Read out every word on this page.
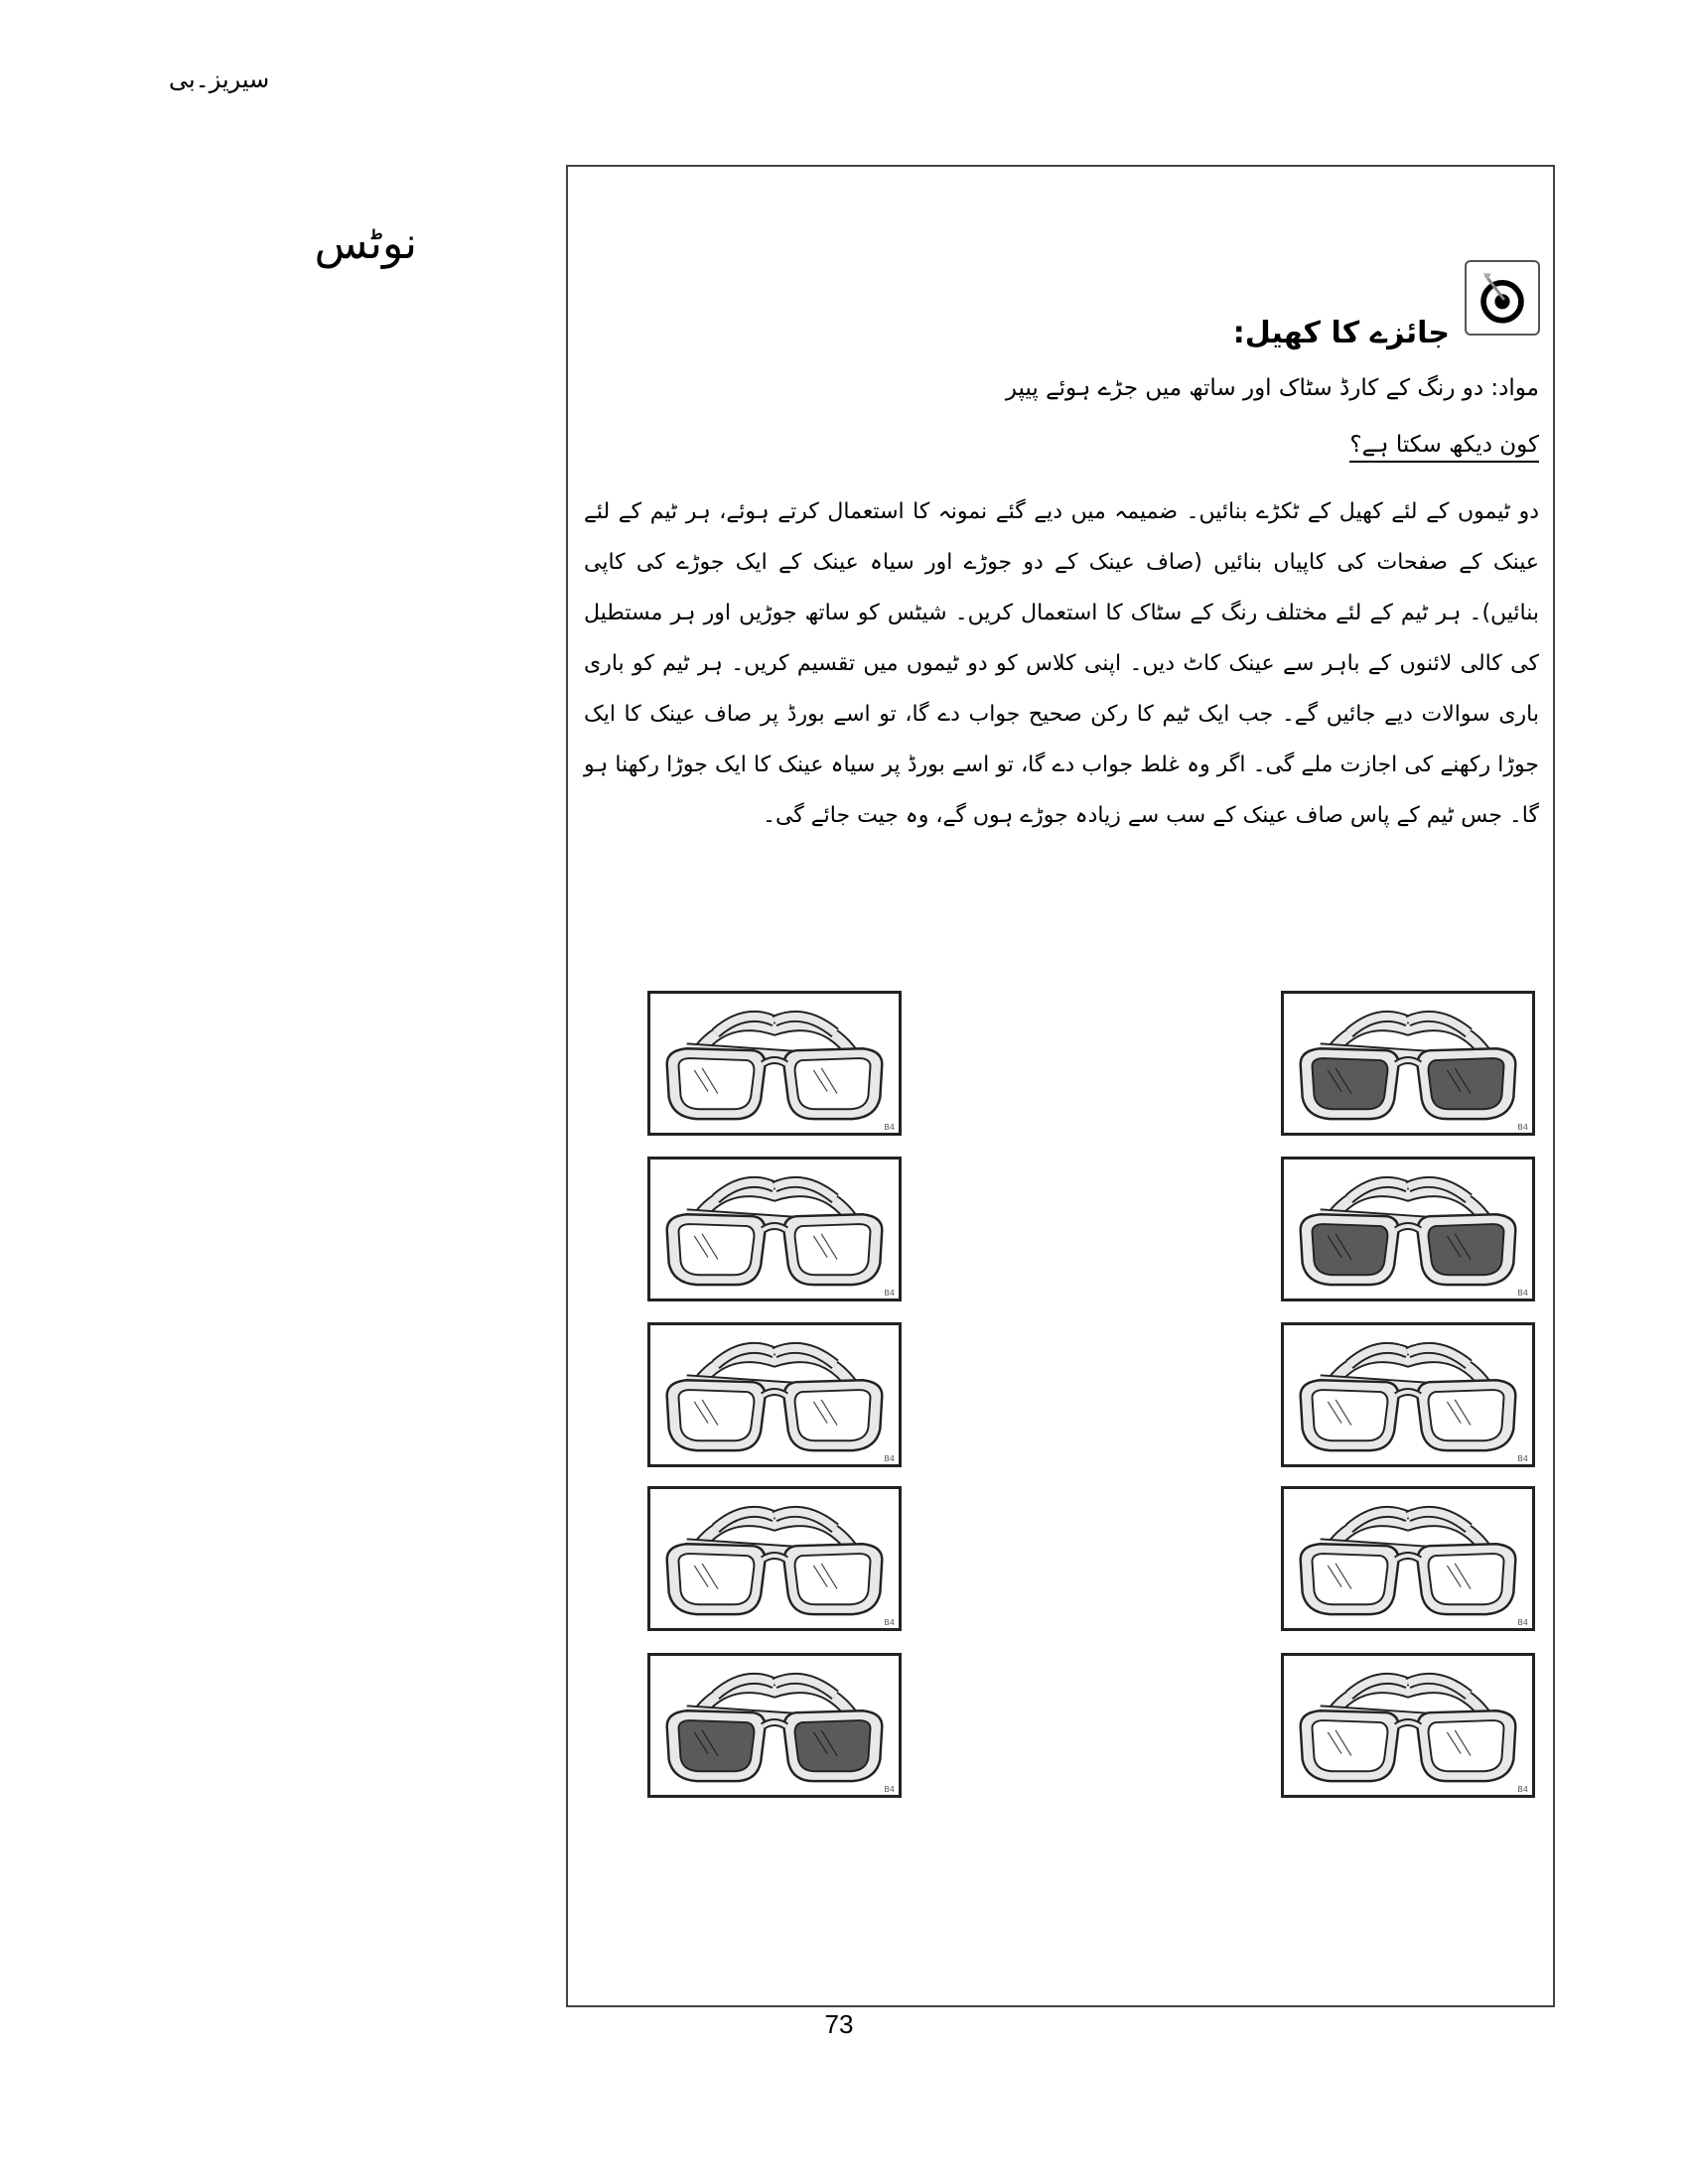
سیریز۔بی
نوٹس
جائزے کا کھیل:
مواد: دو رنگ کے کارڈ سٹاک اور ساتھ میں جڑے ہوئے پیپر
کون دیکھ سکتا ہے؟

دو ٹیموں کے لئے کھیل کے ٹکڑے بنائیں۔ ضمیمہ میں دیے گئے نمونہ کا استعمال کرتے ہوئے، ہر ٹیم کے لئے عینک کے صفحات کی کاپیاں بنائیں (صاف عینک کے دو جوڑے اور سیاہ عینک کے ایک جوڑے کی کاپی بنائیں)۔ ہر ٹیم کے لئے مختلف رنگ کے سٹاک کا استعمال کریں۔ شیٹس کو ساتھ جوڑیں اور ہر مستطیل کی کالی لائنوں کے باہر سے عینک کاٹ دیں۔ اپنی کلاس کو دو ٹیموں میں تقسیم کریں۔ ہر ٹیم کو باری باری سوالات دیے جائیں گے۔ جب ایک ٹیم کا رکن صحیح جواب دے گا، تو اسے بورڈ پر صاف عینک کا ایک جوڑا رکھنے کی اجازت ملے گی۔ اگر وہ غلط جواب دے گا، تو اسے بورڈ پر سیاہ عینک کا ایک جوڑا رکھنا ہو گا۔ جس ٹیم کے پاس صاف عینک کے سب سے زیادہ جوڑے ہوں گے، وہ جیت جائے گی۔

B4
B4
B4
B4
B4
B4
B4
B4
B4
B4
73
